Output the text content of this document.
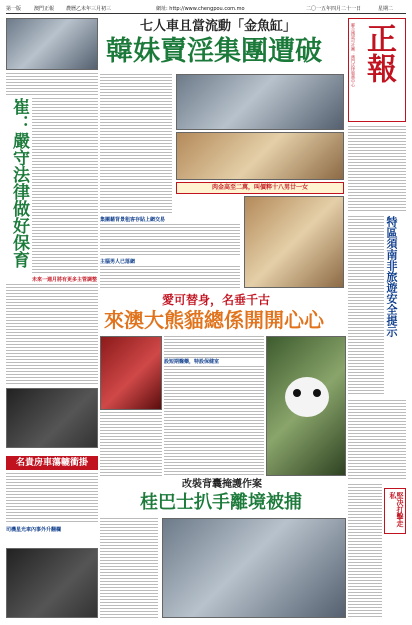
第一版	澳門正報 農曆乙未年三月初三	網址: http://www.chengpou.com.mo	二〇一五年四月二十一日	星期二
崔：嚴守法律做好保育
未來一週月將有更多主管調整
名貴房車蕩轆衝掛
司機星光車內事外升翻欄
七人車且當流動「金魚缸」
韓妹賣淫集團遭破
肉金高至二萬，叫價粹十八男廿一女
集團藉背景租客存貼上網交易
主腦男人已落網
愛可替身，名垂千古
來澳大熊貓總係開開心心
設短期醫藥，特設保健室
改裝背囊掩護作案
桂巴士扒手離境被捕
正報
聯合國認可社團：澳門法律服務中心
特區須南非旅遊安全提示
堅决打擊走私
